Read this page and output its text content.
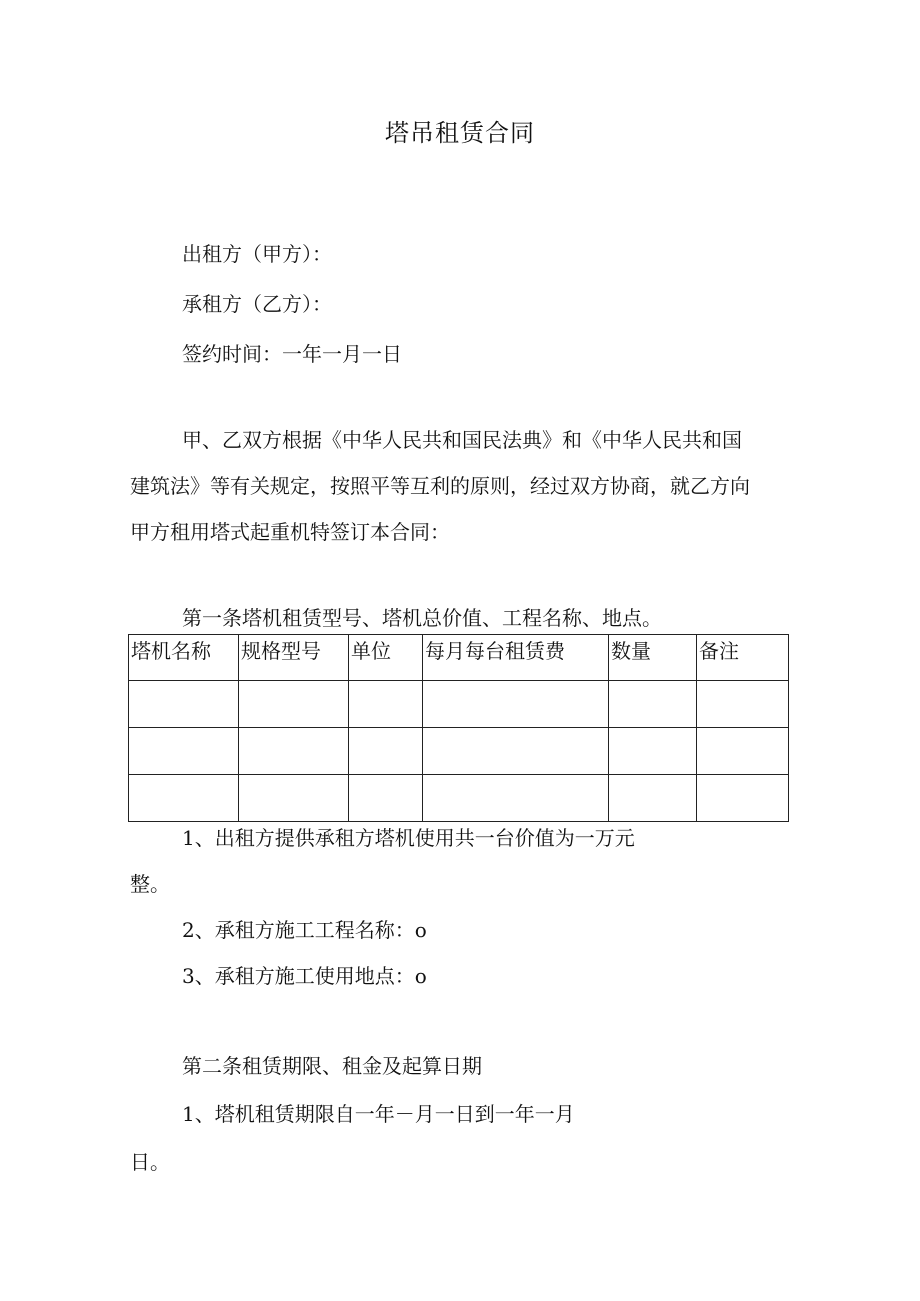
塔吊租赁合同
出租方（甲方）：
承租方（乙方）：
签约时间：一年一月一日
甲、乙双方根据《中华人民共和国民法典》和《中华人民共和国
建筑法》等有关规定，按照平等互利的原则，经过双方协商，就乙方向
甲方租用塔式起重机特签订本合同：
第一条塔机租赁型号、塔机总价值、工程名称、地点。
塔机名称	规格型号	单位	每月每台租赁费	数量	备注

1、出租方提供承租方塔机使用共一台价值为一万元
整。
2、承租方施工工程名称：o
3、承租方施工使用地点：o
第二条租赁期限、租金及起算日期
1、塔机租赁期限自一年－月一日到一年一月
日。
